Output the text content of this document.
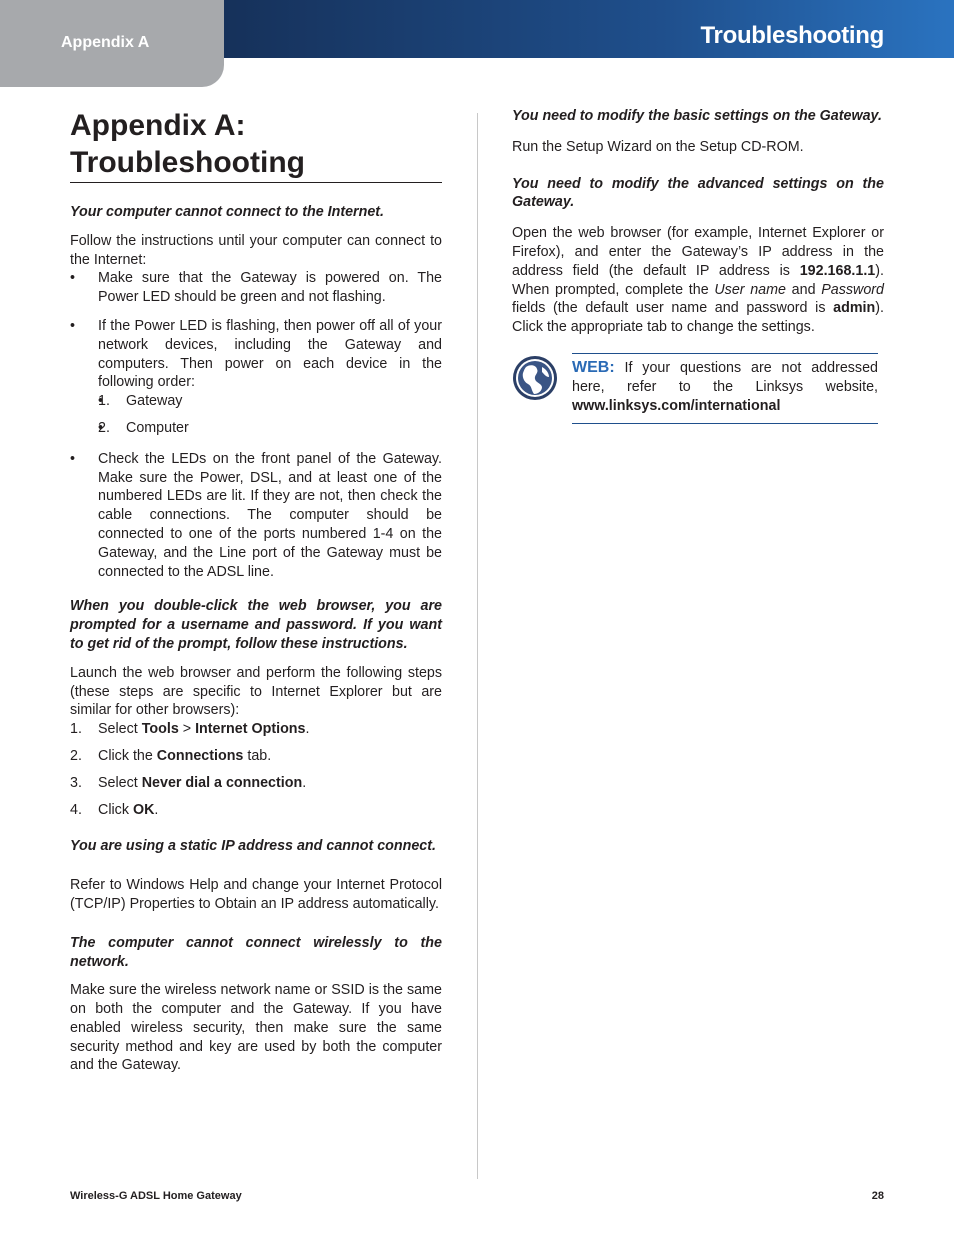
Appendix A	Troubleshooting
Appendix A:
Troubleshooting

Your computer cannot connect to the Internet.

Follow the instructions until your computer can connect to the Internet:

• Make sure that the Gateway is powered on. The Power LED should be green and not flashing.
• If the Power LED is flashing, then power off all of your network devices, including the Gateway and computers. Then power on each device in the following order:
• 1. Gateway
• 2. Computer
• Check the LEDs on the front panel of the Gateway. Make sure the Power, DSL, and at least one of the numbered LEDs are lit. If they are not, then check the cable connections. The computer should be connected to one of the ports numbered 1-4 on the Gateway, and the Line port of the Gateway must be connected to the ADSL line.

When you double-click the web browser, you are prompted for a username and password. If you want to get rid of the prompt, follow these instructions.

Launch the web browser and perform the following steps (these steps are specific to Internet Explorer but are similar for other browsers):

1. Select Tools > Internet Options.
2. Click the Connections tab.
3. Select Never dial a connection.
4. Click OK.

You are using a static IP address and cannot connect.

Refer to Windows Help and change your Internet Protocol (TCP/IP) Properties to Obtain an IP address automatically.

The computer cannot connect wirelessly to the network.

Make sure the wireless network name or SSID is the same on both the computer and the Gateway. If you have enabled wireless security, then make sure the same security method and key are used by both the computer and the Gateway.

You need to modify the basic settings on the Gateway.

Run the Setup Wizard on the Setup CD-ROM.

You need to modify the advanced settings on the Gateway.

Open the web browser (for example, Internet Explorer or Firefox), and enter the Gateway’s IP address in the address field (the default IP address is 192.168.1.1). When prompted, complete the User name and Password fields (the default user name and password is admin). Click the appropriate tab to change the settings.

WEB: If your questions are not addressed here, refer to the Linksys website, www.linksys.com/international
Wireless-G ADSL Home Gateway	28
